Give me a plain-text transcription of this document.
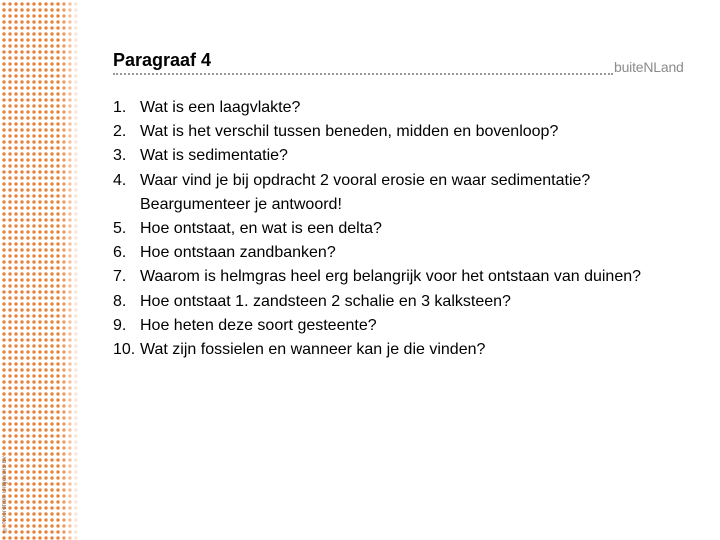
© Noordhoff Uitgevers bv
Paragraaf 4	buiteNLand
1. Wat is een laagvlakte?
2. Wat is het verschil tussen beneden, midden en bovenloop?
3. Wat is sedimentatie?
4. Waar vind je bij opdracht 2 vooral erosie en waar sedimentatie? Beargumenteer je antwoord!
5. Hoe ontstaat, en wat is een delta?
6. Hoe ontstaan zandbanken?
7. Waarom is helmgras heel erg belangrijk voor het ontstaan van duinen?
8. Hoe ontstaat 1. zandsteen 2 schalie en 3 kalksteen?
9. Hoe heten deze soort gesteente?
10. Wat zijn fossielen en wanneer kan je die vinden?
